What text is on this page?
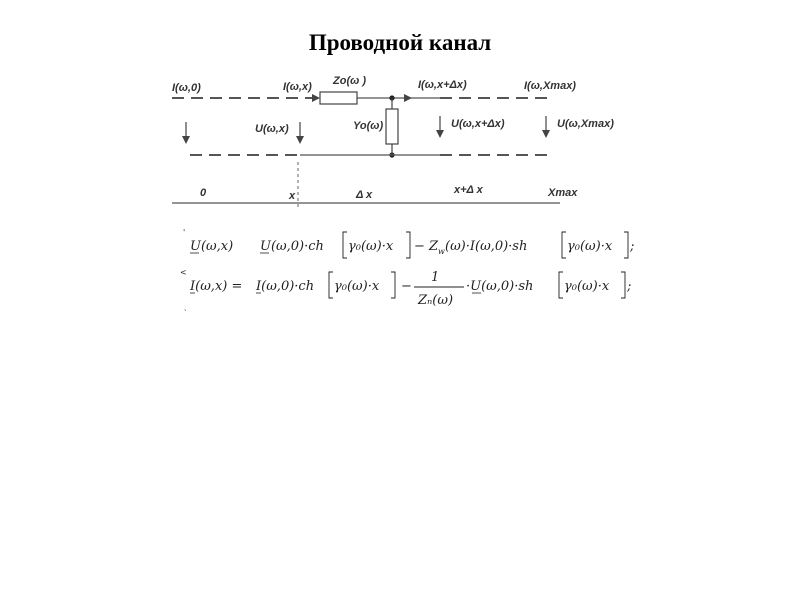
Проводной канал
I(ω,0)	I(ω,x) Zo(ω )	I(ω,x+Δx)	I(ω,Xmax)
U(ω,x)	Yo(ω)	U(ω,x+Δx)	U(ω,Xmax)
0	x	Δ x	x+Δ x	Xmax
'
<
`
U(ω,x) U(ω,0)·ch γ₀(ω)·x − Z w (ω)·I(ω,0)·sh	γ₀(ω)·x ;
I(ω,x) = I(ω,0)·ch γ₀(ω)·x −
1
Zₙ(ω)
·U(ω,0)·sh γ₀(ω)·x ;
